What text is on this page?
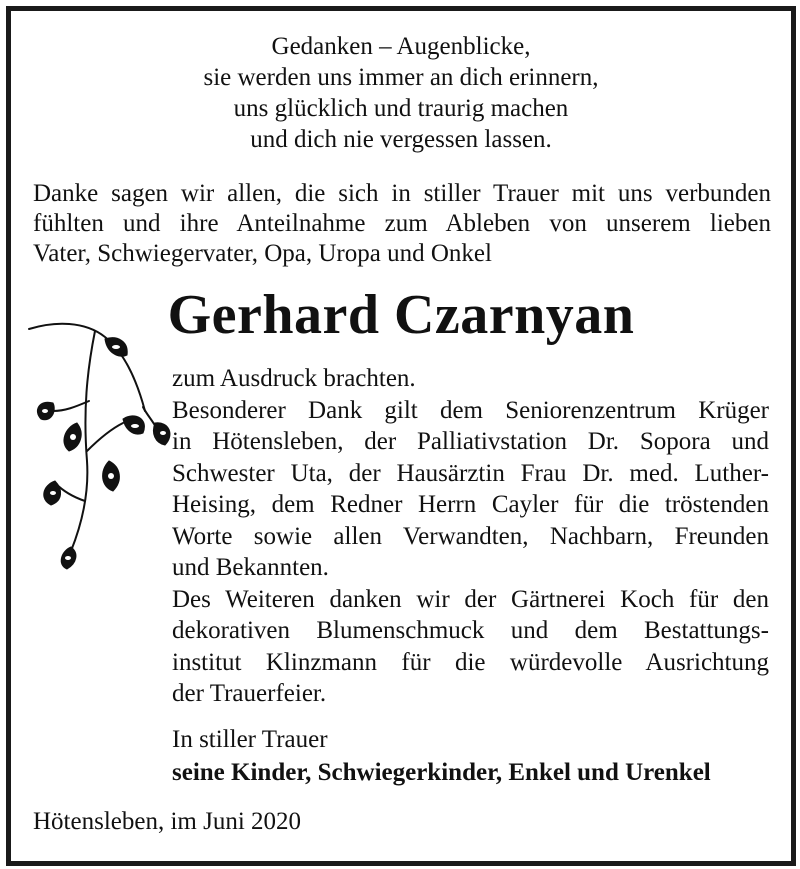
Gedanken – Augenblicke,
sie werden uns immer an dich erinnern,
uns glücklich und traurig machen
und dich nie vergessen lassen.
Danke sagen wir allen, die sich in stiller Trauer mit uns verbunden
fühlten und ihre Anteilnahme zum Ableben von unserem lieben
Vater, Schwiegervater, Opa, Uropa und Onkel
Gerhard Czarnyan
zum Ausdruck brachten.
Besonderer Dank gilt dem Seniorenzentrum Krüger
in Hötensleben, der Palliativstation Dr. Sopora und
Schwester Uta, der Hausärztin Frau Dr. med. Luther-
Heising, dem Redner Herrn Cayler für die tröstenden
Worte sowie allen Verwandten, Nachbarn, Freunden
und Bekannten.
Des Weiteren danken wir der Gärtnerei Koch für den
dekorativen Blumenschmuck und dem Bestattungs-
institut Klinzmann für die würdevolle Ausrichtung
der Trauerfeier.
In stiller Trauer
seine Kinder, Schwiegerkinder, Enkel und Urenkel
Hötensleben, im Juni 2020
